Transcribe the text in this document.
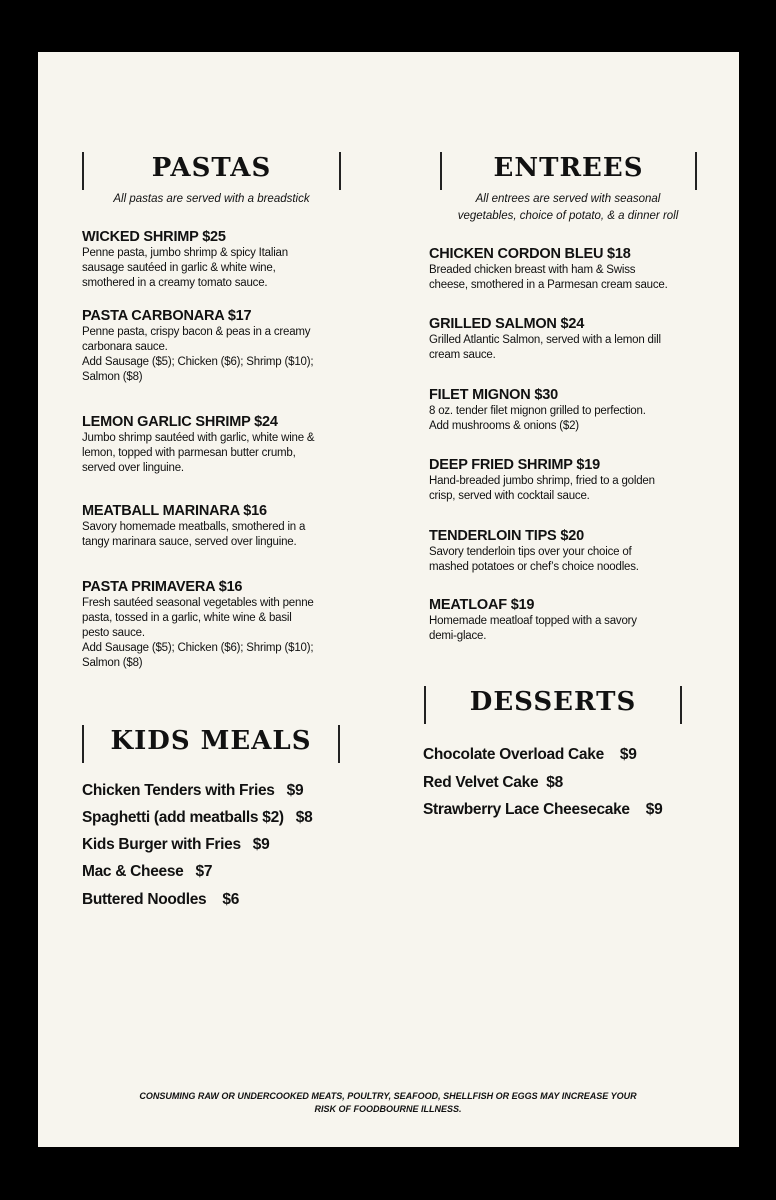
PASTAS
All pastas are served with a breadstick
WICKED SHRIMP $25
Penne pasta, jumbo shrimp & spicy Italian
sausage sautéed in garlic & white wine,
smothered in a creamy tomato sauce.
PASTA CARBONARA $17
Penne pasta, crispy bacon & peas in a creamy
carbonara sauce.
Add Sausage ($5); Chicken ($6); Shrimp ($10);
Salmon ($8)
LEMON GARLIC SHRIMP $24
Jumbo shrimp sautéed with garlic, white wine &
lemon, topped with parmesan butter crumb,
served over linguine.
MEATBALL MARINARA $16
Savory homemade meatballs, smothered in a
tangy marinara sauce, served over linguine.
PASTA PRIMAVERA $16
Fresh sautéed seasonal vegetables with penne
pasta, tossed in a garlic, white wine & basil
pesto sauce.
Add Sausage ($5); Chicken ($6); Shrimp ($10);
Salmon ($8)
KIDS MEALS
Chicken Tenders with Fries   $9
Spaghetti (add meatballs $2)   $8
Kids Burger with Fries   $9
Mac & Cheese   $7
Buttered Noodles    $6
ENTREES
All entrees are served with seasonal
vegetables, choice of potato, & a dinner roll
CHICKEN CORDON BLEU $18
Breaded chicken breast with ham & Swiss
cheese, smothered in a Parmesan cream sauce.
GRILLED SALMON $24
Grilled Atlantic Salmon, served with a lemon dill
cream sauce.
FILET MIGNON $30
8 oz. tender filet mignon grilled to perfection.
Add mushrooms & onions ($2)
DEEP FRIED SHRIMP $19
Hand-breaded jumbo shrimp, fried to a golden
crisp, served with cocktail sauce.
TENDERLOIN TIPS $20
Savory tenderloin tips over your choice of
mashed potatoes or chef’s choice noodles.
MEATLOAF $19
Homemade meatloaf topped with a savory
demi-glace.
DESSERTS
Chocolate Overload Cake    $9
Red Velvet Cake  $8
Strawberry Lace Cheesecake    $9
CONSUMING RAW OR UNDERCOOKED MEATS, POULTRY, SEAFOOD, SHELLFISH OR EGGS MAY INCREASE YOUR
RISK OF FOODBOURNE ILLNESS.
